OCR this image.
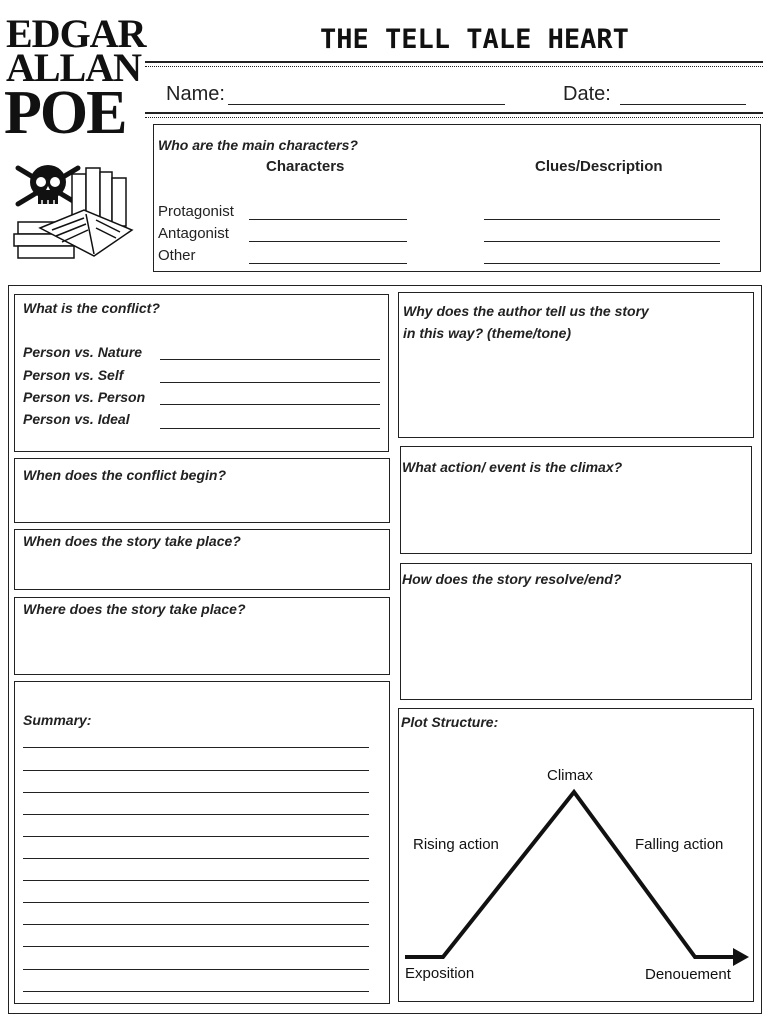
EDGAR
ALLAN
POE
THE TELL TALE HEART
Name:	Date:
Who are the main characters?
Characters	Clues/Description
Protagonist
Antagonist
Other
What is the conflict?
Person vs. Nature
Person vs. Self
Person vs. Person
Person vs. Ideal
Why does the author tell us the story
in this way? (theme/tone)
When does the conflict begin?	What action/ event is the climax?
When does the story take place?
How does the story resolve/end?
Where does the story take place?
Summary:	Plot Structure:
Climax
Rising action	Falling action
Exposition	Denouement
